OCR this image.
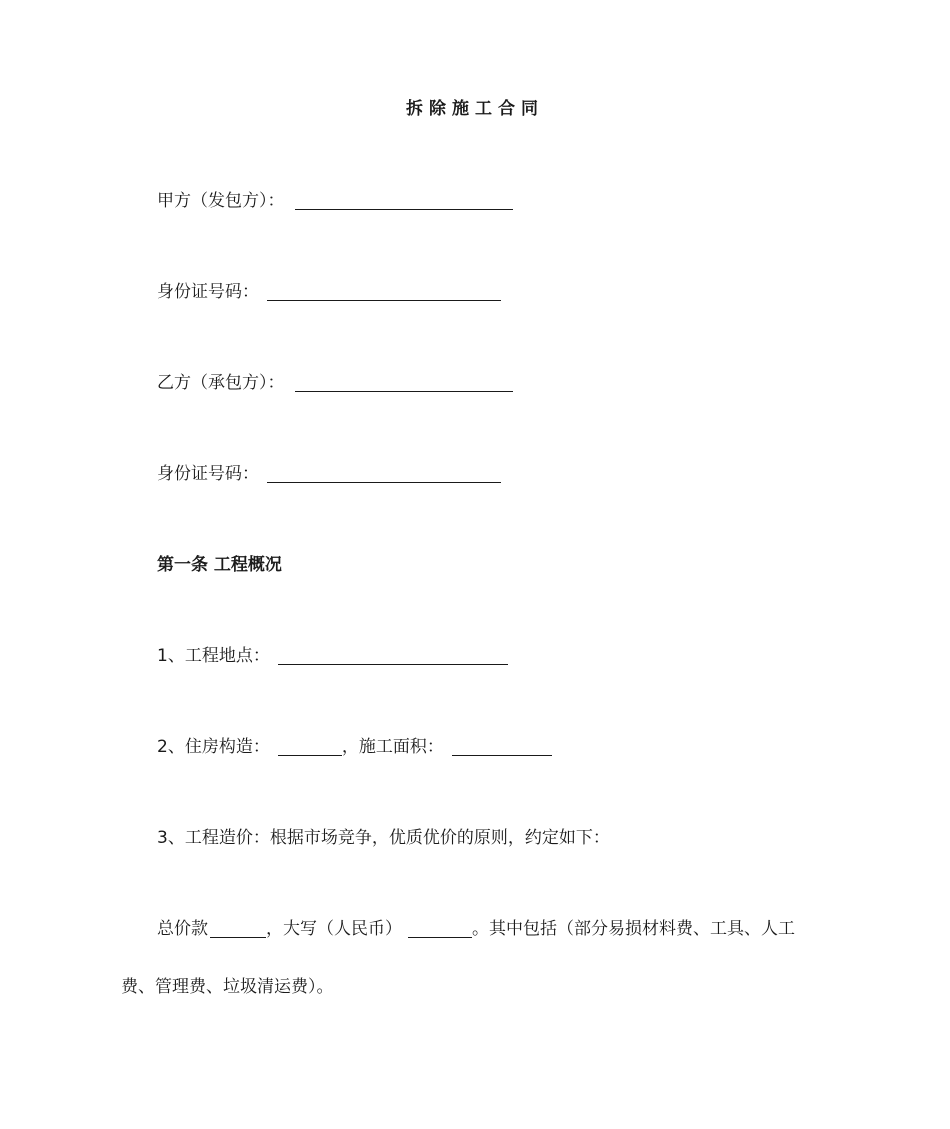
拆除施工合同
甲方（发包方）：
身份证号码：
乙方（承包方）：
身份证号码：
第一条 工程概况
1、工程地点：
2、住房构造：	，施工面积：
3、工程造价：根据市场竞争，优质优价的原则，约定如下：
总价款	，大写（人民币）	。其中包括（部分易损材料费、工具、人工
费、管理费、垃圾清运费）。
